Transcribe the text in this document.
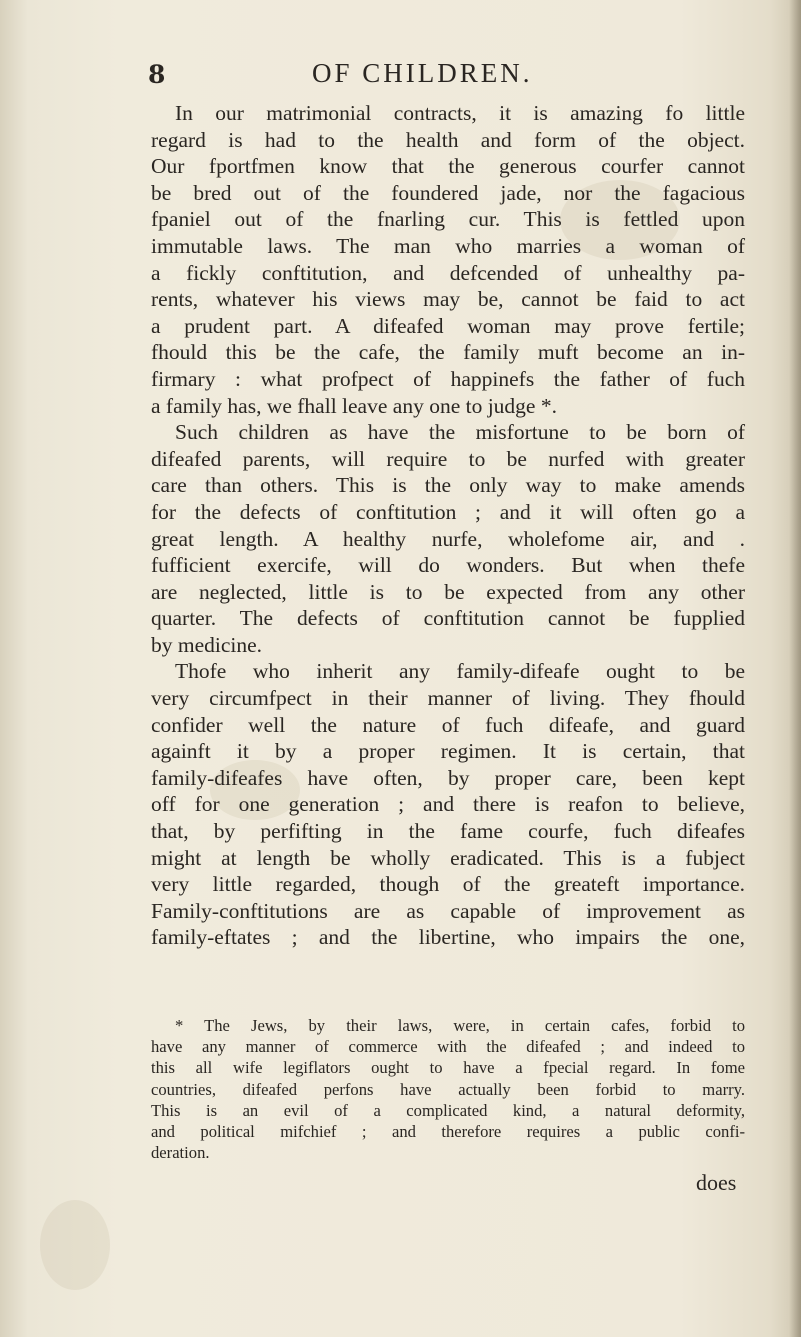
8	OF CHILDREN.
In our matrimonial contracts, it is amazing fo little
regard is had to the health and form of the object.
Our fportfmen know that the generous courfer cannot
be bred out of the foundered jade, nor the fagacious
fpaniel out of the fnarling cur. This is fettled upon
immutable laws. The man who marries a woman of
a fickly conftitution, and defcended of unhealthy pa-
rents, whatever his views may be, cannot be faid to act
a prudent part. A difeafed woman may prove fertile;
fhould this be the cafe, the family muft become an in-
firmary : what profpect of happinefs the father of fuch
a family has, we fhall leave any one to judge *.
Such children as have the misfortune to be born of
difeafed parents, will require to be nurfed with greater
care than others. This is the only way to make amends
for the defects of conftitution ; and it will often go a
great length. A healthy nurfe, wholefome air, and .
fufficient exercife, will do wonders. But when thefe
are neglected, little is to be expected from any other
quarter. The defects of conftitution cannot be fupplied
by medicine.
Thofe who inherit any family-difeafe ought to be
very circumfpect in their manner of living. They fhould
confider well the nature of fuch difeafe, and guard
againft it by a proper regimen. It is certain, that
family-difeafes have often, by proper care, been kept
off for one generation ; and there is reafon to believe,
that, by perfifting in the fame courfe, fuch difeafes
might at length be wholly eradicated. This is a fubject
very little regarded, though of the greateft importance.
Family-conftitutions are as capable of improvement as
family-eftates ; and the libertine, who impairs the one,
* The Jews, by their laws, were, in certain cafes, forbid to
have any manner of commerce with the difeafed ; and indeed to
this all wife legiflators ought to have a fpecial regard. In fome
countries, difeafed perfons have actually been forbid to marry.
This is an evil of a complicated kind, a natural deformity,
and political mifchief ; and therefore requires a public confi-
deration.
does
